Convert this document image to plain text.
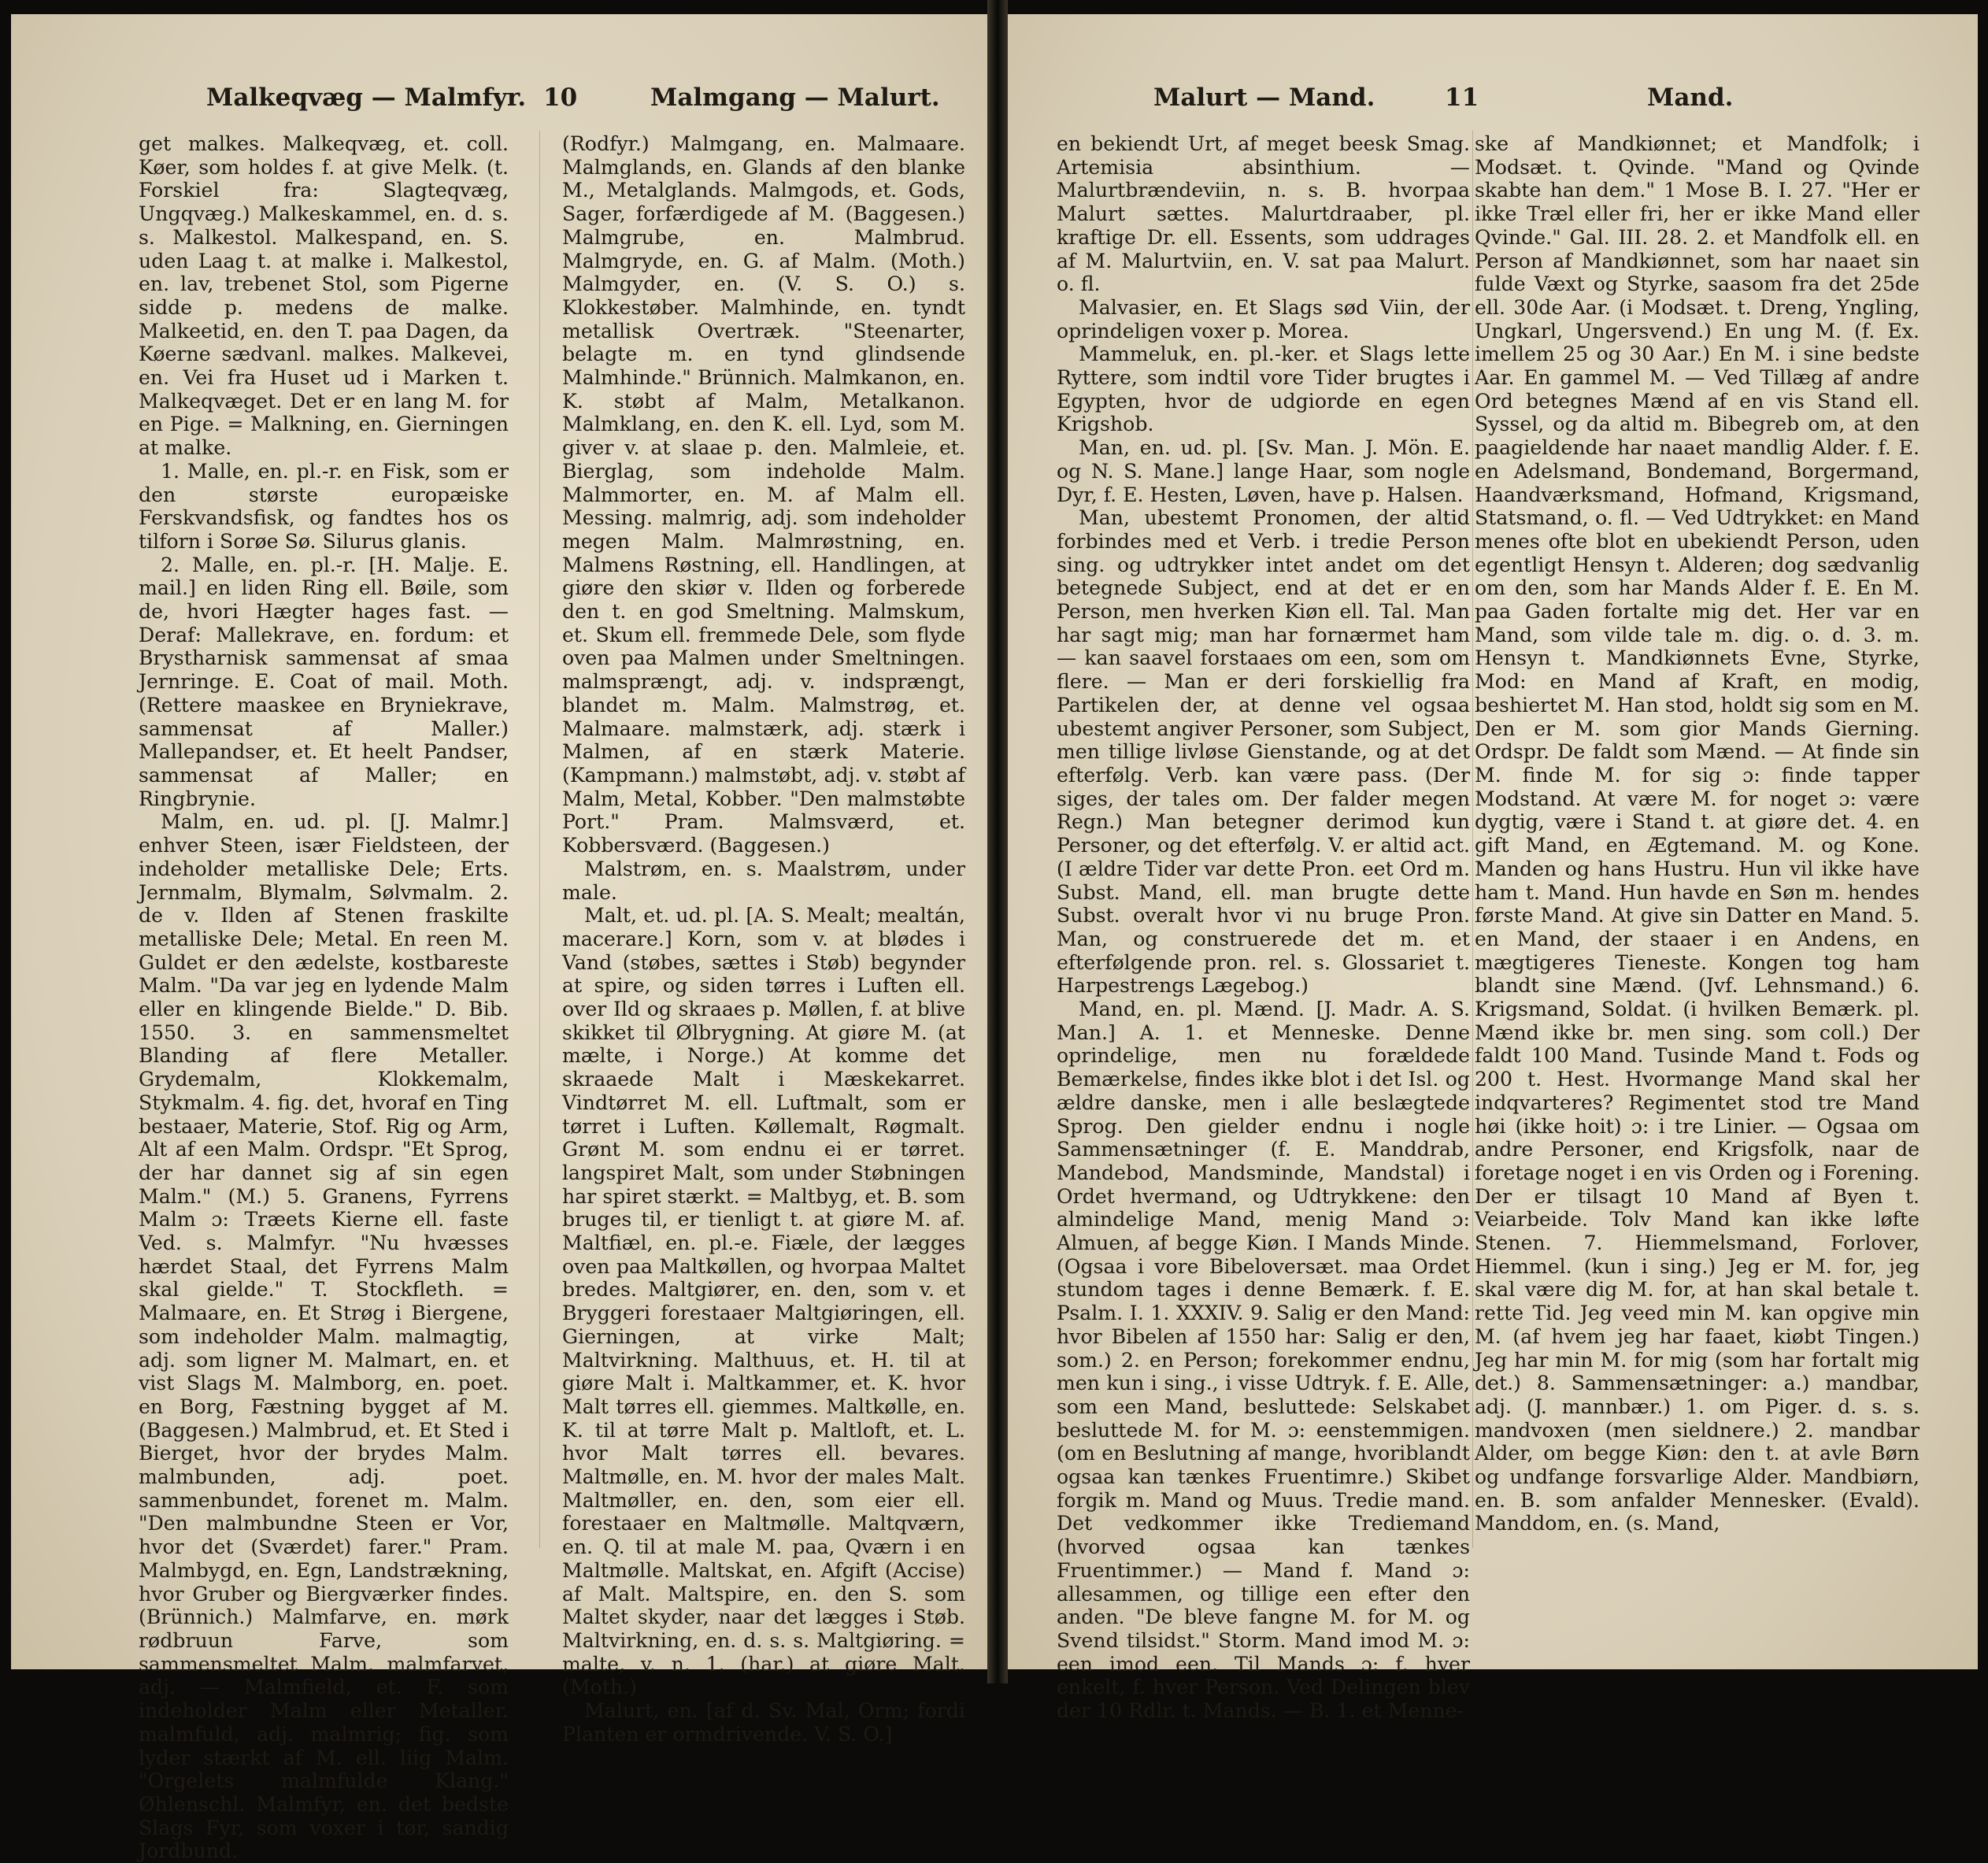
Malkeqvæg — Malmfyr. 10	Malmgang — Malurt.

get malkes. Malkeqvæg, et. coll. Køer, som holdes f. at give Melk. (t. Forskiel fra: Slagteqvæg, Ungqvæg.) Malkeskammel, en. d. s. s. Malkestol. Malkespand, en. S. uden Laag t. at malke i. Malkestol, en. lav, trebenet Stol, som Pigerne sidde p. medens de malke. Malkeetid, en. den T. paa Dagen, da Køerne sædvanl. malkes. Malkevei, en. Vei fra Huset ud i Marken t. Malkeqvæget. Det er en lang M. for en Pige. = Malkning, en. Gierningen at malke.

1. Malle, en. pl.-r. en Fisk, som er den største europæiske Ferskvandsfisk, og fandtes hos os tilforn i Sorøe Sø. Silurus glanis.

2. Malle, en. pl.-r. [H. Malje. E. mail.] en liden Ring ell. Bøile, som de, hvori Hægter hages fast. — Deraf: Mallekrave, en. fordum: et Brystharnisk sammensat af smaa Jernringe. E. Coat of mail. Moth. (Rettere maaskee en Bryniekrave, sammensat af Maller.) Mallepandser, et. Et heelt Pandser, sammensat af Maller; en Ringbrynie.

Malm, en. ud. pl. [J. Malmr.] enhver Steen, især Fieldsteen, der indeholder metalliske Dele; Erts. Jernmalm, Blymalm, Sølvmalm. 2. de v. Ilden af Stenen fraskilte metalliske Dele; Metal. En reen M. Guldet er den ædelste, kostbareste Malm. "Da var jeg en lydende Malm eller en klingende Bielde." D. Bib. 1550. 3. en sammensmeltet Blanding af flere Metaller. Grydemalm, Klokkemalm, Stykmalm. 4. fig. det, hvoraf en Ting bestaaer, Materie, Stof. Rig og Arm, Alt af een Malm. Ordspr. "Et Sprog, der har dannet sig af sin egen Malm." (M.) 5. Granens, Fyrrens Malm ɔ: Træets Kierne ell. faste Ved. s. Malmfyr. "Nu hvæsses hærdet Staal, det Fyrrens Malm skal gielde." T. Stockfleth. = Malmaare, en. Et Strøg i Biergene, som indeholder Malm. malmagtig, adj. som ligner M. Malmart, en. et vist Slags M. Malmborg, en. poet. en Borg, Fæstning bygget af M. (Baggesen.) Malmbrud, et. Et Sted i Bierget, hvor der brydes Malm. malmbunden, adj. poet. sammenbundet, forenet m. Malm. "Den malmbundne Steen er Vor, hvor det (Sværdet) farer." Pram. Malmbygd, en. Egn, Landstrækning, hvor Gruber og Biergværker findes. (Brünnich.) Malmfarve, en. mørk rødbruun Farve, som sammensmeltet Malm. malmfarvet, adj. — Malmfield, et. F. som indeholder Malm eller Metaller. malmfuld, adj. malmrig; fig. som lyder stærkt af M. ell. liig Malm. "Orgelets malmfulde Klang." Øhlenschl. Malmfyr, en. det bedste Slags Fyr, som voxer i tør, sandig Jordbund.

(Rodfyr.) Malmgang, en. Malmaare. Malmglands, en. Glands af den blanke M., Metalglands. Malmgods, et. Gods, Sager, forfærdigede af M. (Baggesen.) Malmgrube, en. Malmbrud. Malmgryde, en. G. af Malm. (Moth.) Malmgyder, en. (V. S. O.) s. Klokkestøber. Malmhinde, en. tyndt metallisk Overtræk. "Steenarter, belagte m. en tynd glindsende Malmhinde." Brünnich. Malmkanon, en. K. støbt af Malm, Metalkanon. Malmklang, en. den K. ell. Lyd, som M. giver v. at slaae p. den. Malmleie, et. Bierglag, som indeholde Malm. Malmmorter, en. M. af Malm ell. Messing. malmrig, adj. som indeholder megen Malm. Malmrøstning, en. Malmens Røstning, ell. Handlingen, at giøre den skiør v. Ilden og forberede den t. en god Smeltning. Malmskum, et. Skum ell. fremmede Dele, som flyde oven paa Malmen under Smeltningen. malmsprængt, adj. v. indsprængt, blandet m. Malm. Malmstrøg, et. Malmaare. malmstærk, adj. stærk i Malmen, af en stærk Materie. (Kampmann.) malmstøbt, adj. v. støbt af Malm, Metal, Kobber. "Den malmstøbte Port." Pram. Malmsværd, et. Kobbersværd. (Baggesen.)

Malstrøm, en. s. Maalstrøm, under male.

Malt, et. ud. pl. [A. S. Mealt; mealtán, macerare.] Korn, som v. at blødes i Vand (støbes, sættes i Støb) begynder at spire, og siden tørres i Luften ell. over Ild og skraaes p. Møllen, f. at blive skikket til Ølbrygning. At giøre M. (at mælte, i Norge.) At komme det skraaede Malt i Mæskekarret. Vindtørret M. ell. Luftmalt, som er tørret i Luften. Køllemalt, Røgmalt. Grønt M. som endnu ei er tørret. langspiret Malt, som under Støbningen har spiret stærkt. = Maltbyg, et. B. som bruges til, er tienligt t. at giøre M. af. Maltfiæl, en. pl.-e. Fiæle, der lægges oven paa Maltkøllen, og hvorpaa Maltet bredes. Maltgiører, en. den, som v. et Bryggeri forestaaer Maltgiøringen, ell. Gierningen, at virke Malt; Maltvirkning. Malthuus, et. H. til at giøre Malt i. Maltkammer, et. K. hvor Malt tørres ell. giemmes. Maltkølle, en. K. til at tørre Malt p. Maltloft, et. L. hvor Malt tørres ell. bevares. Maltmølle, en. M. hvor der males Malt. Maltmøller, en. den, som eier ell. forestaaer en Maltmølle. Maltqværn, en. Q. til at male M. paa, Qværn i en Maltmølle. Maltskat, en. Afgift (Accise) af Malt. Maltspire, en. den S. som Maltet skyder, naar det lægges i Støb. Maltvirkning, en. d. s. s. Maltgiøring. = malte, v. n. 1. (har.) at giøre Malt. (Moth.)

Malurt, en. [af d. Sv. Mal, Orm; fordi Planten er ormdrivende. V. S. O.]

Malurt — Mand.	11	Mand.

en bekiendt Urt, af meget beesk Smag. Artemisia absinthium. — Malurtbrændeviin, n. s. B. hvorpaa Malurt sættes. Malurtdraaber, pl. kraftige Dr. ell. Essents, som uddrages af M. Malurtviin, en. V. sat paa Malurt. o. fl.

Malvasier, en. Et Slags sød Viin, der oprindeligen voxer p. Morea.

Mammeluk, en. pl.-ker. et Slags lette Ryttere, som indtil vore Tider brugtes i Egypten, hvor de udgiorde en egen Krigshob.

Man, en. ud. pl. [Sv. Man. J. Mön. E. og N. S. Mane.] lange Haar, som nogle Dyr, f. E. Hesten, Løven, have p. Halsen.

Man, ubestemt Pronomen, der altid forbindes med et Verb. i tredie Person sing. og udtrykker intet andet om det betegnede Subject, end at det er en Person, men hverken Kiøn ell. Tal. Man har sagt mig; man har fornærmet ham — kan saavel forstaaes om een, som om flere. — Man er deri forskiellig fra Partikelen der, at denne vel ogsaa ubestemt angiver Personer, som Subject, men tillige livløse Gienstande, og at det efterfølg. Verb. kan være pass. (Der siges, der tales om. Der falder megen Regn.) Man betegner derimod kun Personer, og det efterfølg. V. er altid act. (I ældre Tider var dette Pron. eet Ord m. Subst. Mand, ell. man brugte dette Subst. overalt hvor vi nu bruge Pron. Man, og construerede det m. et efterfølgende pron. rel. s. Glossariet t. Harpestrengs Lægebog.)

Mand, en. pl. Mænd. [J. Madr. A. S. Man.] A. 1. et Menneske. Denne oprindelige, men nu forældede Bemærkelse, findes ikke blot i det Isl. og ældre danske, men i alle beslægtede Sprog. Den gielder endnu i nogle Sammensætninger (f. E. Manddrab, Mandebod, Mandsminde, Mandstal) i Ordet hvermand, og Udtrykkene: den almindelige Mand, menig Mand ɔ: Almuen, af begge Kiøn. I Mands Minde. (Ogsaa i vore Bibeloversæt. maa Ordet stundom tages i denne Bemærk. f. E. Psalm. I. 1. XXXIV. 9. Salig er den Mand: hvor Bibelen af 1550 har: Salig er den, som.) 2. en Person; forekommer endnu, men kun i sing., i visse Udtryk. f. E. Alle, som een Mand, besluttede: Selskabet besluttede M. for M. ɔ: eenstemmigen. (om en Beslutning af mange, hvoriblandt ogsaa kan tænkes Fruentimre.) Skibet forgik m. Mand og Muus. Tredie mand. Det vedkommer ikke Trediemand (hvorved ogsaa kan tænkes Fruentimmer.) — Mand f. Mand ɔ: allesammen, og tillige een efter den anden. "De bleve fangne M. for M. og Svend tilsidst." Storm. Mand imod M. ɔ: een imod een. Til Mands ɔ: f. hver enkelt, f. hver Person. Ved Delingen blev der 10 Rdlr. t. Mands. — B. 1. et Menne-

ske af Mandkiønnet; et Mandfolk; i Modsæt. t. Qvinde. "Mand og Qvinde skabte han dem." 1 Mose B. I. 27. "Her er ikke Træl eller fri, her er ikke Mand eller Qvinde." Gal. III. 28. 2. et Mandfolk ell. en Person af Mandkiønnet, som har naaet sin fulde Væxt og Styrke, saasom fra det 25de ell. 30de Aar. (i Modsæt. t. Dreng, Yngling, Ungkarl, Ungersvend.) En ung M. (f. Ex. imellem 25 og 30 Aar.) En M. i sine bedste Aar. En gammel M. — Ved Tillæg af andre Ord betegnes Mænd af en vis Stand ell. Syssel, og da altid m. Bibegreb om, at den paagieldende har naaet mandlig Alder. f. E. en Adelsmand, Bondemand, Borgermand, Haandværksmand, Hofmand, Krigsmand, Statsmand, o. fl. — Ved Udtrykket: en Mand menes ofte blot en ubekiendt Person, uden egentligt Hensyn t. Alderen; dog sædvanlig om den, som har Mands Alder f. E. En M. paa Gaden fortalte mig det. Her var en Mand, som vilde tale m. dig. o. d. 3. m. Hensyn t. Mandkiønnets Evne, Styrke, Mod: en Mand af Kraft, en modig, beshiertet M. Han stod, holdt sig som en M. Den er M. som gior Mands Gierning. Ordspr. De faldt som Mænd. — At finde sin M. finde M. for sig ɔ: finde tapper Modstand. At være M. for noget ɔ: være dygtig, være i Stand t. at giøre det. 4. en gift Mand, en Ægtemand. M. og Kone. Manden og hans Hustru. Hun vil ikke have ham t. Mand. Hun havde en Søn m. hendes første Mand. At give sin Datter en Mand. 5. en Mand, der staaer i en Andens, en mægtigeres Tieneste. Kongen tog ham blandt sine Mænd. (Jvf. Lehnsmand.) 6. Krigsmand, Soldat. (i hvilken Bemærk. pl. Mænd ikke br. men sing. som coll.) Der faldt 100 Mand. Tusinde Mand t. Fods og 200 t. Hest. Hvormange Mand skal her indqvarteres? Regimentet stod tre Mand høi (ikke hoit) ɔ: i tre Linier. — Ogsaa om andre Personer, end Krigsfolk, naar de foretage noget i en vis Orden og i Forening. Der er tilsagt 10 Mand af Byen t. Veiarbeide. Tolv Mand kan ikke løfte Stenen. 7. Hiemmelsmand, Forlover, Hiemmel. (kun i sing.) Jeg er M. for, jeg skal være dig M. for, at han skal betale t. rette Tid. Jeg veed min M. kan opgive min M. (af hvem jeg har faaet, kiøbt Tingen.) Jeg har min M. for mig (som har fortalt mig det.) 8. Sammensætninger: a.) mandbar, adj. (J. mannbær.) 1. om Piger. d. s. s. mandvoxen (men sieldnere.) 2. mandbar Alder, om begge Kiøn: den t. at avle Børn og undfange forsvarlige Alder. Mandbiørn, en. B. som anfalder Mennesker. (Evald). Manddom, en. (s. Mand,
